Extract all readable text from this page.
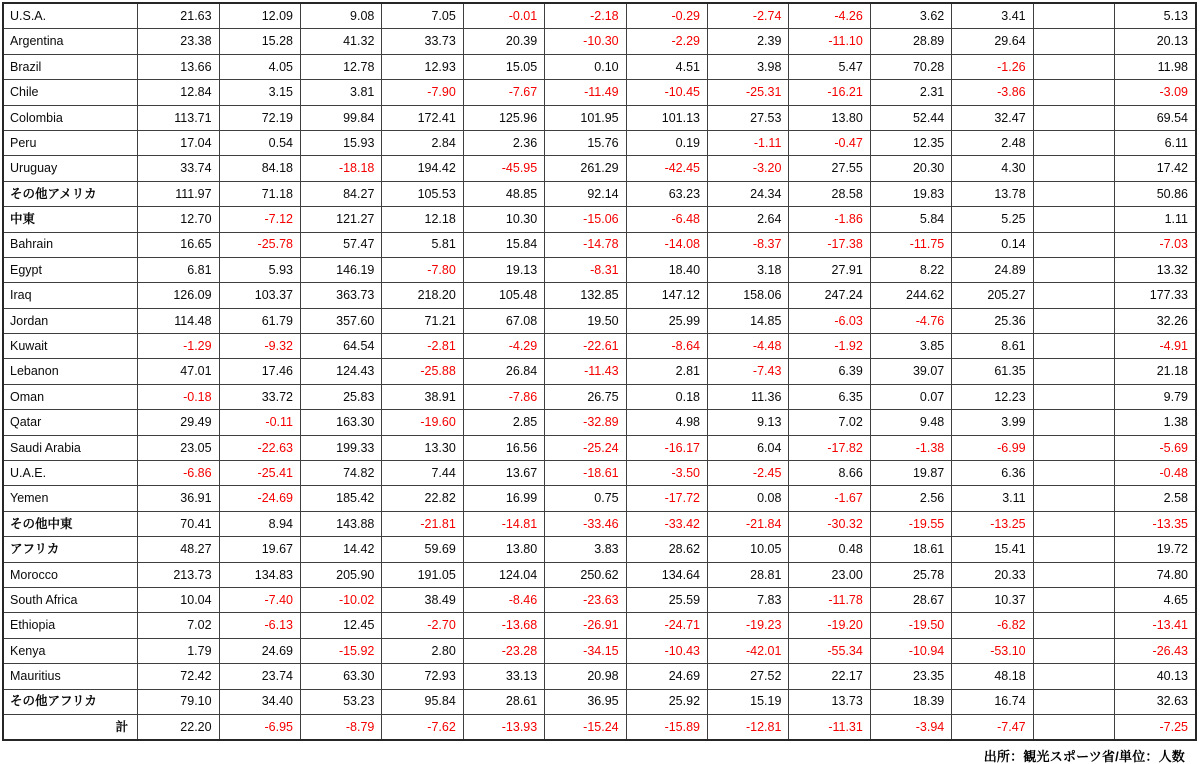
U.S.A.	21.63	12.09	9.08	7.05	-0.01	-2.18	-0.29	-2.74	-4.26	3.62	3.41		5.13
Argentina	23.38	15.28	41.32	33.73	20.39	-10.30	-2.29	2.39	-11.10	28.89	29.64		20.13
Brazil	13.66	4.05	12.78	12.93	15.05	0.10	4.51	3.98	5.47	70.28	-1.26		11.98
Chile	12.84	3.15	3.81	-7.90	-7.67	-11.49	-10.45	-25.31	-16.21	2.31	-3.86		-3.09
Colombia	113.71	72.19	99.84	172.41	125.96	101.95	101.13	27.53	13.80	52.44	32.47		69.54
Peru	17.04	0.54	15.93	2.84	2.36	15.76	0.19	-1.11	-0.47	12.35	2.48		6.11
Uruguay	33.74	84.18	-18.18	194.42	-45.95	261.29	-42.45	-3.20	27.55	20.30	4.30		17.42
その他アメリカ	111.97	71.18	84.27	105.53	48.85	92.14	63.23	24.34	28.58	19.83	13.78		50.86
中東	12.70	-7.12	121.27	12.18	10.30	-15.06	-6.48	2.64	-1.86	5.84	5.25		1.11
Bahrain	16.65	-25.78	57.47	5.81	15.84	-14.78	-14.08	-8.37	-17.38	-11.75	0.14		-7.03
Egypt	6.81	5.93	146.19	-7.80	19.13	-8.31	18.40	3.18	27.91	8.22	24.89		13.32
Iraq	126.09	103.37	363.73	218.20	105.48	132.85	147.12	158.06	247.24	244.62	205.27		177.33
Jordan	114.48	61.79	357.60	71.21	67.08	19.50	25.99	14.85	-6.03	-4.76	25.36		32.26
Kuwait	-1.29	-9.32	64.54	-2.81	-4.29	-22.61	-8.64	-4.48	-1.92	3.85	8.61		-4.91
Lebanon	47.01	17.46	124.43	-25.88	26.84	-11.43	2.81	-7.43	6.39	39.07	61.35		21.18
Oman	-0.18	33.72	25.83	38.91	-7.86	26.75	0.18	11.36	6.35	0.07	12.23		9.79
Qatar	29.49	-0.11	163.30	-19.60	2.85	-32.89	4.98	9.13	7.02	9.48	3.99		1.38
Saudi Arabia	23.05	-22.63	199.33	13.30	16.56	-25.24	-16.17	6.04	-17.82	-1.38	-6.99		-5.69
U.A.E.	-6.86	-25.41	74.82	7.44	13.67	-18.61	-3.50	-2.45	8.66	19.87	6.36		-0.48
Yemen	36.91	-24.69	185.42	22.82	16.99	0.75	-17.72	0.08	-1.67	2.56	3.11		2.58
その他中東	70.41	8.94	143.88	-21.81	-14.81	-33.46	-33.42	-21.84	-30.32	-19.55	-13.25		-13.35
アフリカ	48.27	19.67	14.42	59.69	13.80	3.83	28.62	10.05	0.48	18.61	15.41		19.72
Morocco	213.73	134.83	205.90	191.05	124.04	250.62	134.64	28.81	23.00	25.78	20.33		74.80
South Africa	10.04	-7.40	-10.02	38.49	-8.46	-23.63	25.59	7.83	-11.78	28.67	10.37		4.65
Ethiopia	7.02	-6.13	12.45	-2.70	-13.68	-26.91	-24.71	-19.23	-19.20	-19.50	-6.82		-13.41
Kenya	1.79	24.69	-15.92	2.80	-23.28	-34.15	-10.43	-42.01	-55.34	-10.94	-53.10		-26.43
Mauritius	72.42	23.74	63.30	72.93	33.13	20.98	24.69	27.52	22.17	23.35	48.18		40.13
その他アフリカ	79.10	34.40	53.23	95.84	28.61	36.95	25.92	15.19	13.73	18.39	16.74		32.63
計	22.20	-6.95	-8.79	-7.62	-13.93	-15.24	-15.89	-12.81	-11.31	-3.94	-7.47		-7.25
出所：観光スポーツ省/単位：人数
